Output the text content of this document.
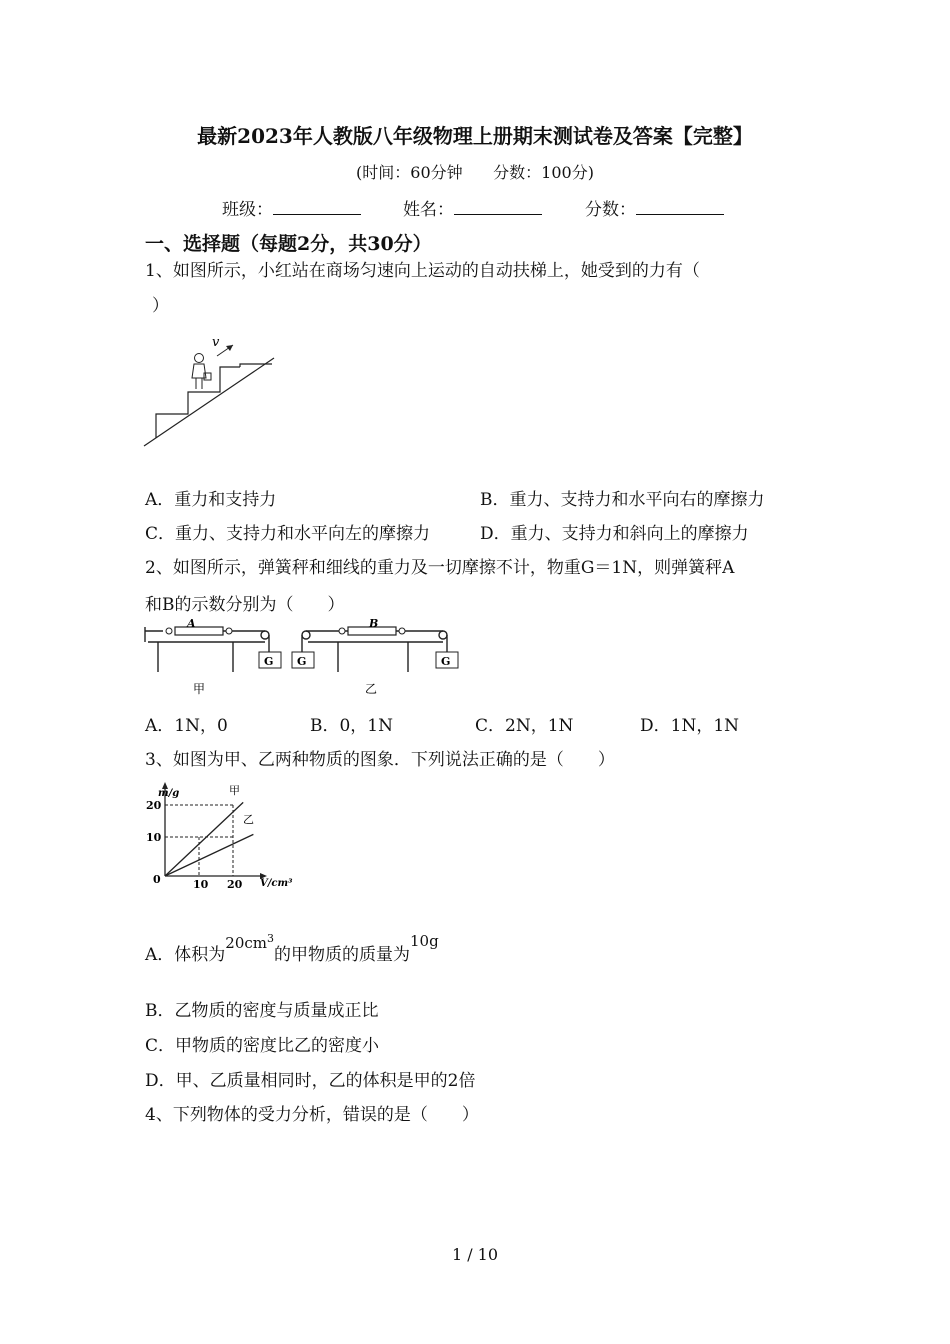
最新2023年人教版八年级物理上册期末测试卷及答案【完整】
(时间：60分钟 分数：100分)
班级：	姓名：	分数：
一、选择题（每题2分，共30分）
1、如图所示，小红站在商场匀速向上运动的自动扶梯上，她受到的力有（
）
v
A．重力和支持力	B．重力、支持力和水平向右的摩擦力
C．重力、支持力和水平向左的摩擦力	D．重力、支持力和斜向上的摩擦力
2、如图所示，弹簧秤和细线的重力及一切摩擦不计，物重G＝1N，则弹簧秤A
和B的示数分别为（　　）
A	B
G G	G
甲	乙
A．1N，0	B．0，1N	C．2N，1N	D．1N，1N
3、如图为甲、乙两种物质的图象．下列说法正确的是（　　）
m/g
V/cm³
0
20
10
10 20
甲
乙
A．体积为$20cm^3$的甲物质的质量为10g
B．乙物质的密度与质量成正比
C．甲物质的密度比乙的密度小
D．甲、乙质量相同时，乙的体积是甲的2倍
4、下列物体的受力分析，错误的是（　　）
1 / 10
